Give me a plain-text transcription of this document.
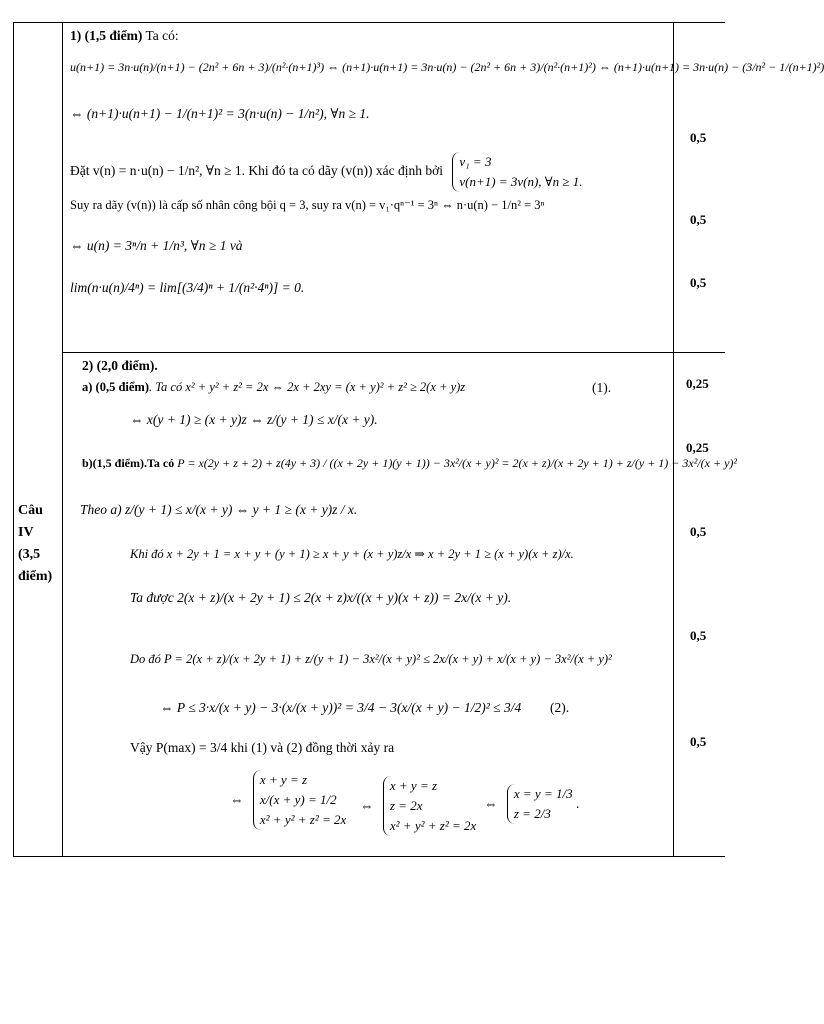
Câu
IV
(3,5
điểm)
1) (1,5 điểm) Ta có:
u(n+1) = 3n·u(n)/(n+1) − (2n² + 6n + 3)/(n²·(n+1)³) ⇔ (n+1)·u(n+1) = 3n·u(n) − (2n² + 6n + 3)/(n²·(n+1)²) ⇔ (n+1)·u(n+1) = 3n·u(n) − (3/n² − 1/(n+1)²)
⇔ (n+1)·u(n+1) − 1/(n+1)² = 3(n·u(n) − 1/n²), ∀n ≥ 1.
Đặt v(n) = n·u(n) − 1/n², ∀n ≥ 1. Khi đó ta có dãy (v(n)) xác định bởi
v₁ = 3
v(n+1) = 3v(n), ∀n ≥ 1.
Suy ra dãy (v(n)) là cấp số nhân công bội q = 3, suy ra v(n) = v₁·qⁿ⁻¹ = 3ⁿ ⇔ n·u(n) − 1/n² = 3ⁿ
⇔ u(n) = 3ⁿ/n + 1/n³, ∀n ≥ 1 và
lim(n·u(n)/4ⁿ) = lim[(3/4)ⁿ + 1/(n²·4ⁿ)] = 0.
2) (2,0 điểm).
a) (0,5 điểm). Ta có x² + y² + z² = 2x ⇔ 2x + 2xy = (x + y)² + z² ≥ 2(x + y)z	(1).
⇔ x(y + 1) ≥ (x + y)z ⇔ z/(y + 1) ≤ x/(x + y).
b)(1,5 điểm).Ta có P = x(2y + z + 2) + z(4y + 3) / ((x + 2y + 1)(y + 1)) − 3x²/(x + y)² = 2(x + z)/(x + 2y + 1) + z/(y + 1) − 3x²/(x + y)²
Theo a) z/(y + 1) ≤ x/(x + y) ⇔ y + 1 ≥ (x + y)z / x.
Khi đó x + 2y + 1 = x + y + (y + 1) ≥ x + y + (x + y)z/x ⇒ x + 2y + 1 ≥ (x + y)(x + z)/x.
Ta được 2(x + z)/(x + 2y + 1) ≤ 2(x + z)x/((x + y)(x + z)) = 2x/(x + y).
Do đó P = 2(x + z)/(x + 2y + 1) + z/(y + 1) − 3x²/(x + y)² ≤ 2x/(x + y) + x/(x + y) − 3x²/(x + y)²
⇔ P ≤ 3·x/(x + y) − 3·(x/(x + y))² = 3/4 − 3(x/(x + y) − 1/2)² ≤ 3/4 (2).
Vậy P(max) = 3/4 khi (1) và (2) đồng thời xảy ra
⇔
x + y = z
x/(x + y) = 1/2
x² + y² + z² = 2x
⇔
x + y = z
z = 2x
x² + y² + z² = 2x
⇔
x = y = 1/3
z = 2/3
.
0,5
0,5
0,5
0,25
0,25
0,5
0,5
0,5
